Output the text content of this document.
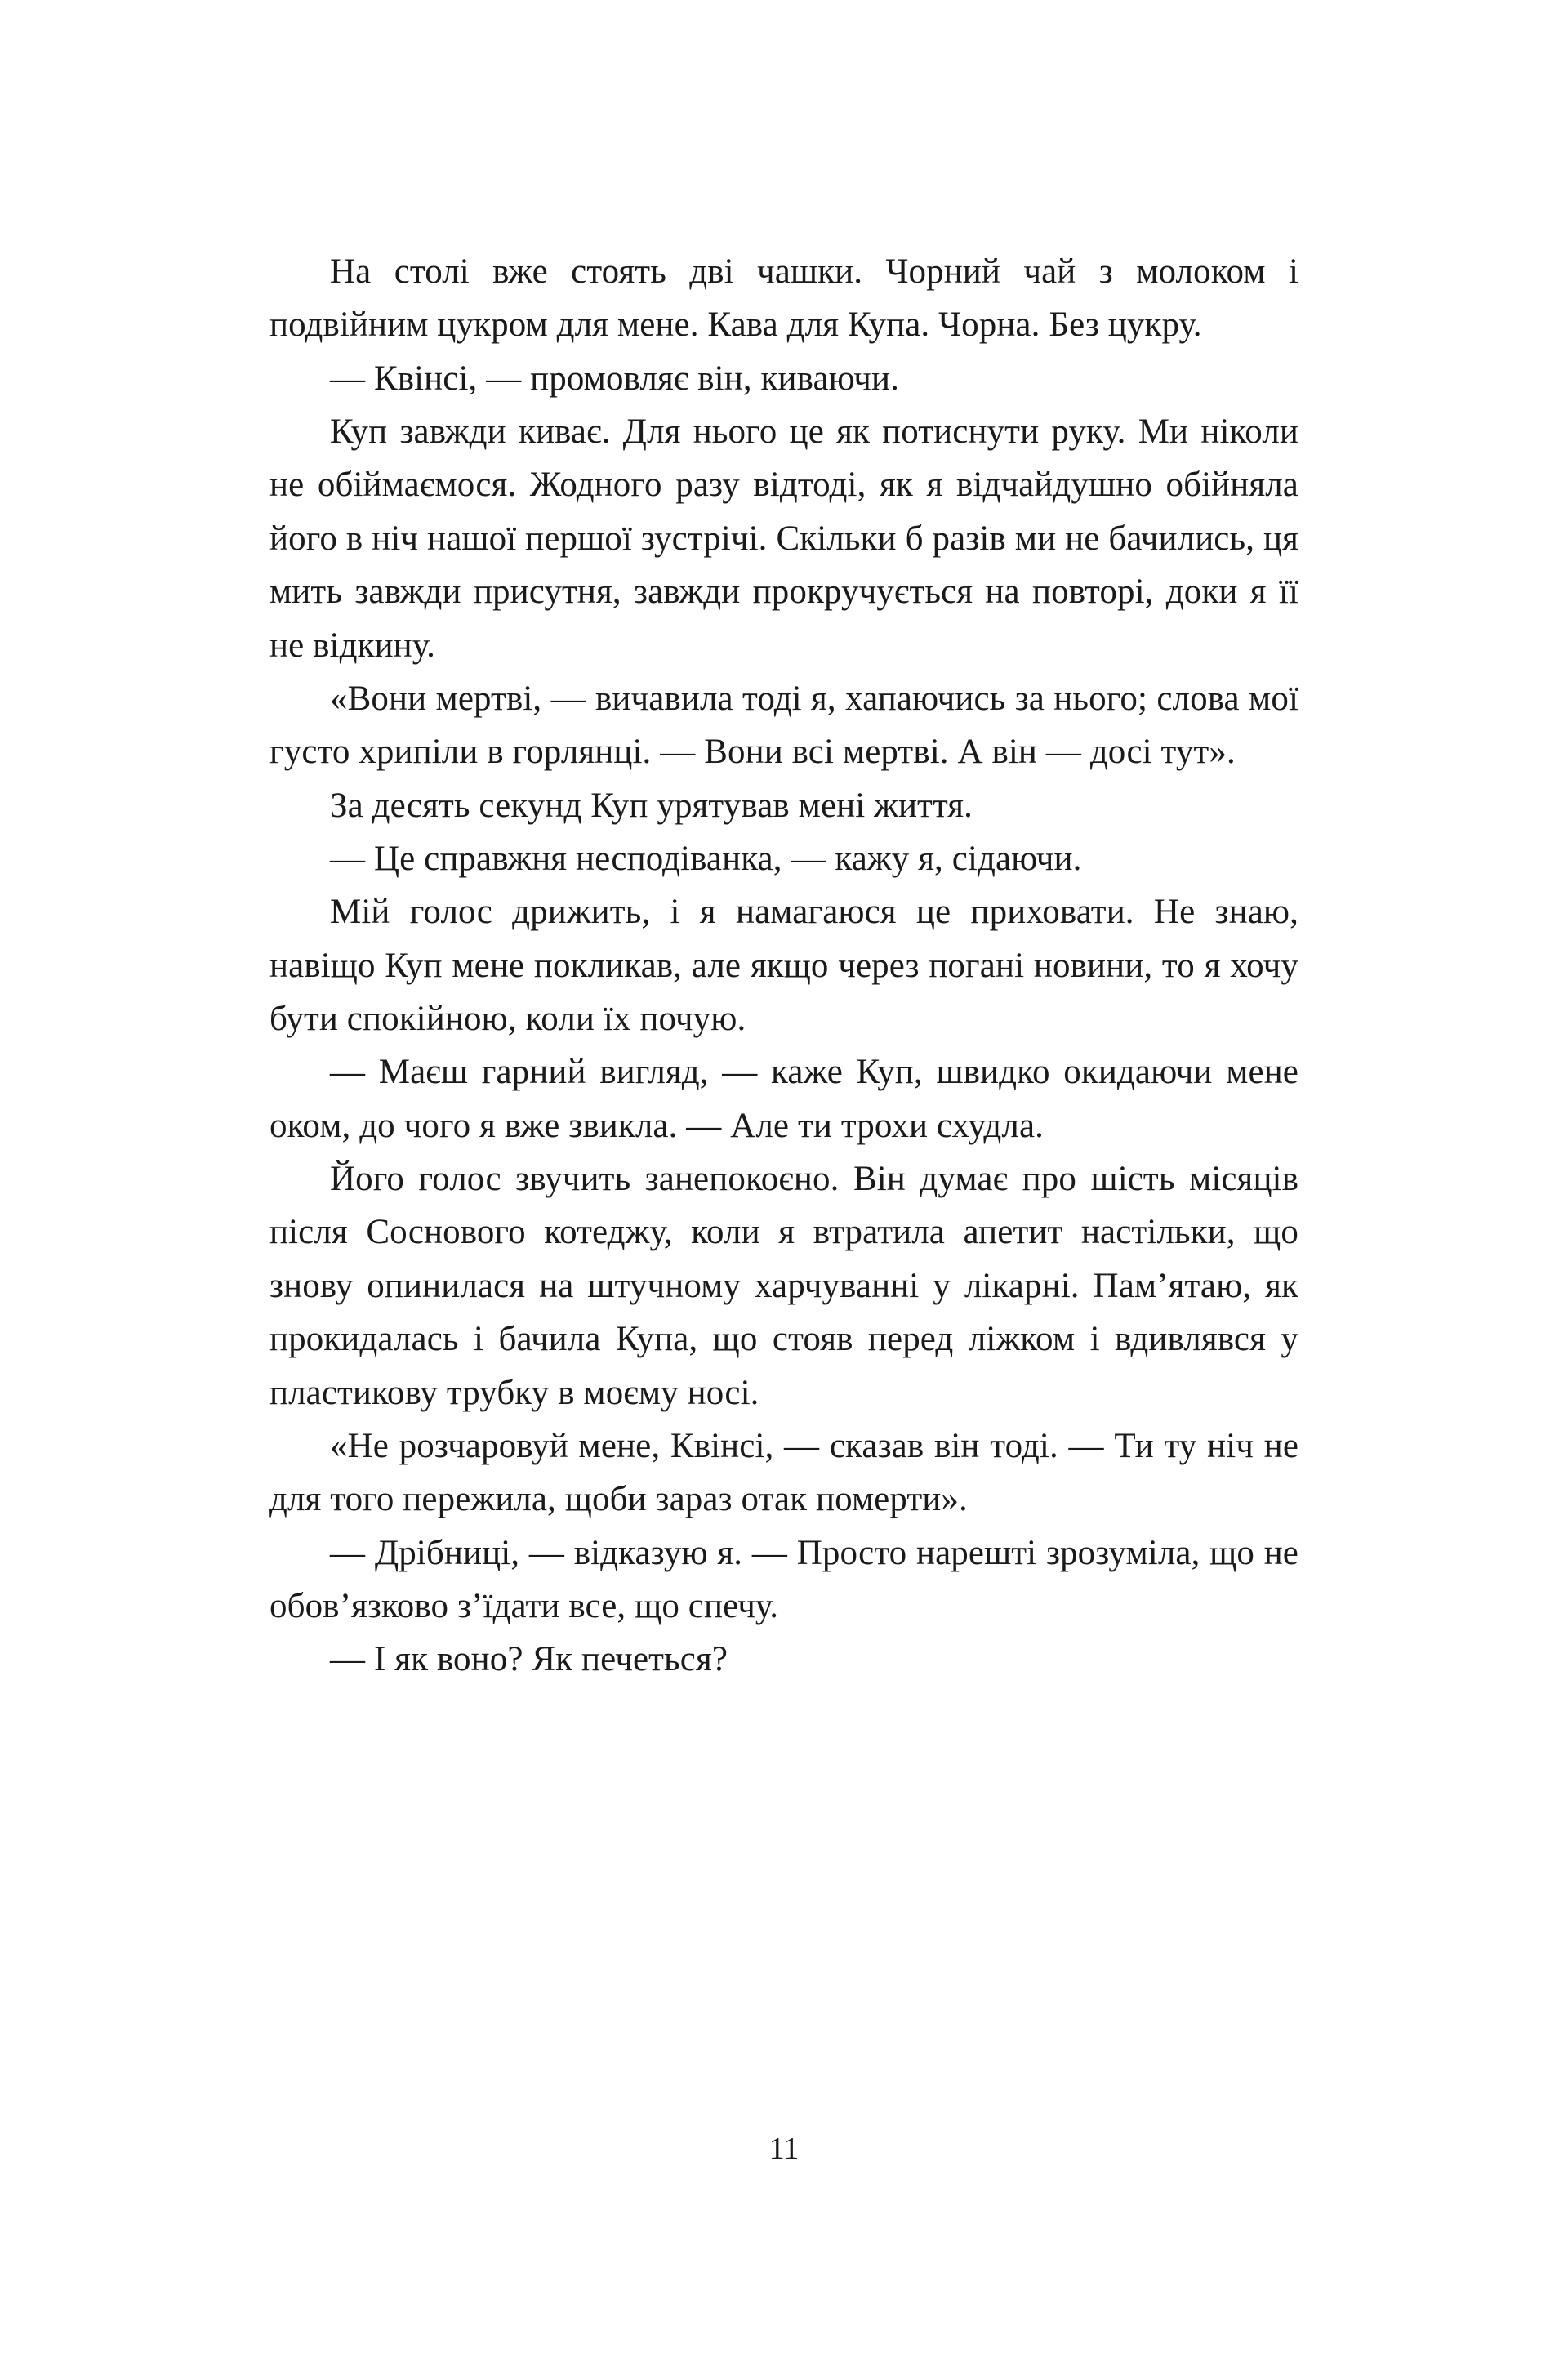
На столі вже стоять дві чашки. Чорний чай з молоком і подвійним цукром для мене. Кава для Купа. Чорна. Без цукру.

— Квінсі, — промовляє він, киваючи.

Куп завжди киває. Для нього це як потиснути руку. Ми ніколи не обіймаємося. Жодного разу відтоді, як я відчайдушно обійняла його в ніч нашої першої зустрічі. Скільки б разів ми не бачились, ця мить завжди присутня, завжди прокручується на повторі, доки я її не відкину.

«Вони мертві, — вичавила тоді я, хапаючись за нього; слова мої густо хрипіли в горлянці. — Вони всі мертві. А він — досі тут».

За десять секунд Куп урятував мені життя.

— Це справжня несподіванка, — кажу я, сідаючи.

Мій голос дрижить, і я намагаюся це приховати. Не знаю, навіщо Куп мене покликав, але якщо через погані новини, то я хочу бути спокійною, коли їх почую.

— Маєш гарний вигляд, — каже Куп, швидко окидаючи мене оком, до чого я вже звикла. — Але ти трохи схудла.

Його голос звучить занепокоєно. Він думає про шість місяців після Соснового котеджу, коли я втратила апетит настільки, що знову опинилася на штучному харчуванні у лікарні. Пам’ятаю, як прокидалась і бачила Купа, що стояв перед ліжком і вдивлявся у пластикову трубку в моєму носі.

«Не розчаровуй мене, Квінсі, — сказав він тоді. — Ти ту ніч не для того пережила, щоби зараз отак померти».

— Дрібниці, — відказую я. — Просто нарешті зрозуміла, що не обов’язково з’їдати все, що спечу.

— І як воно? Як печеться?

11
